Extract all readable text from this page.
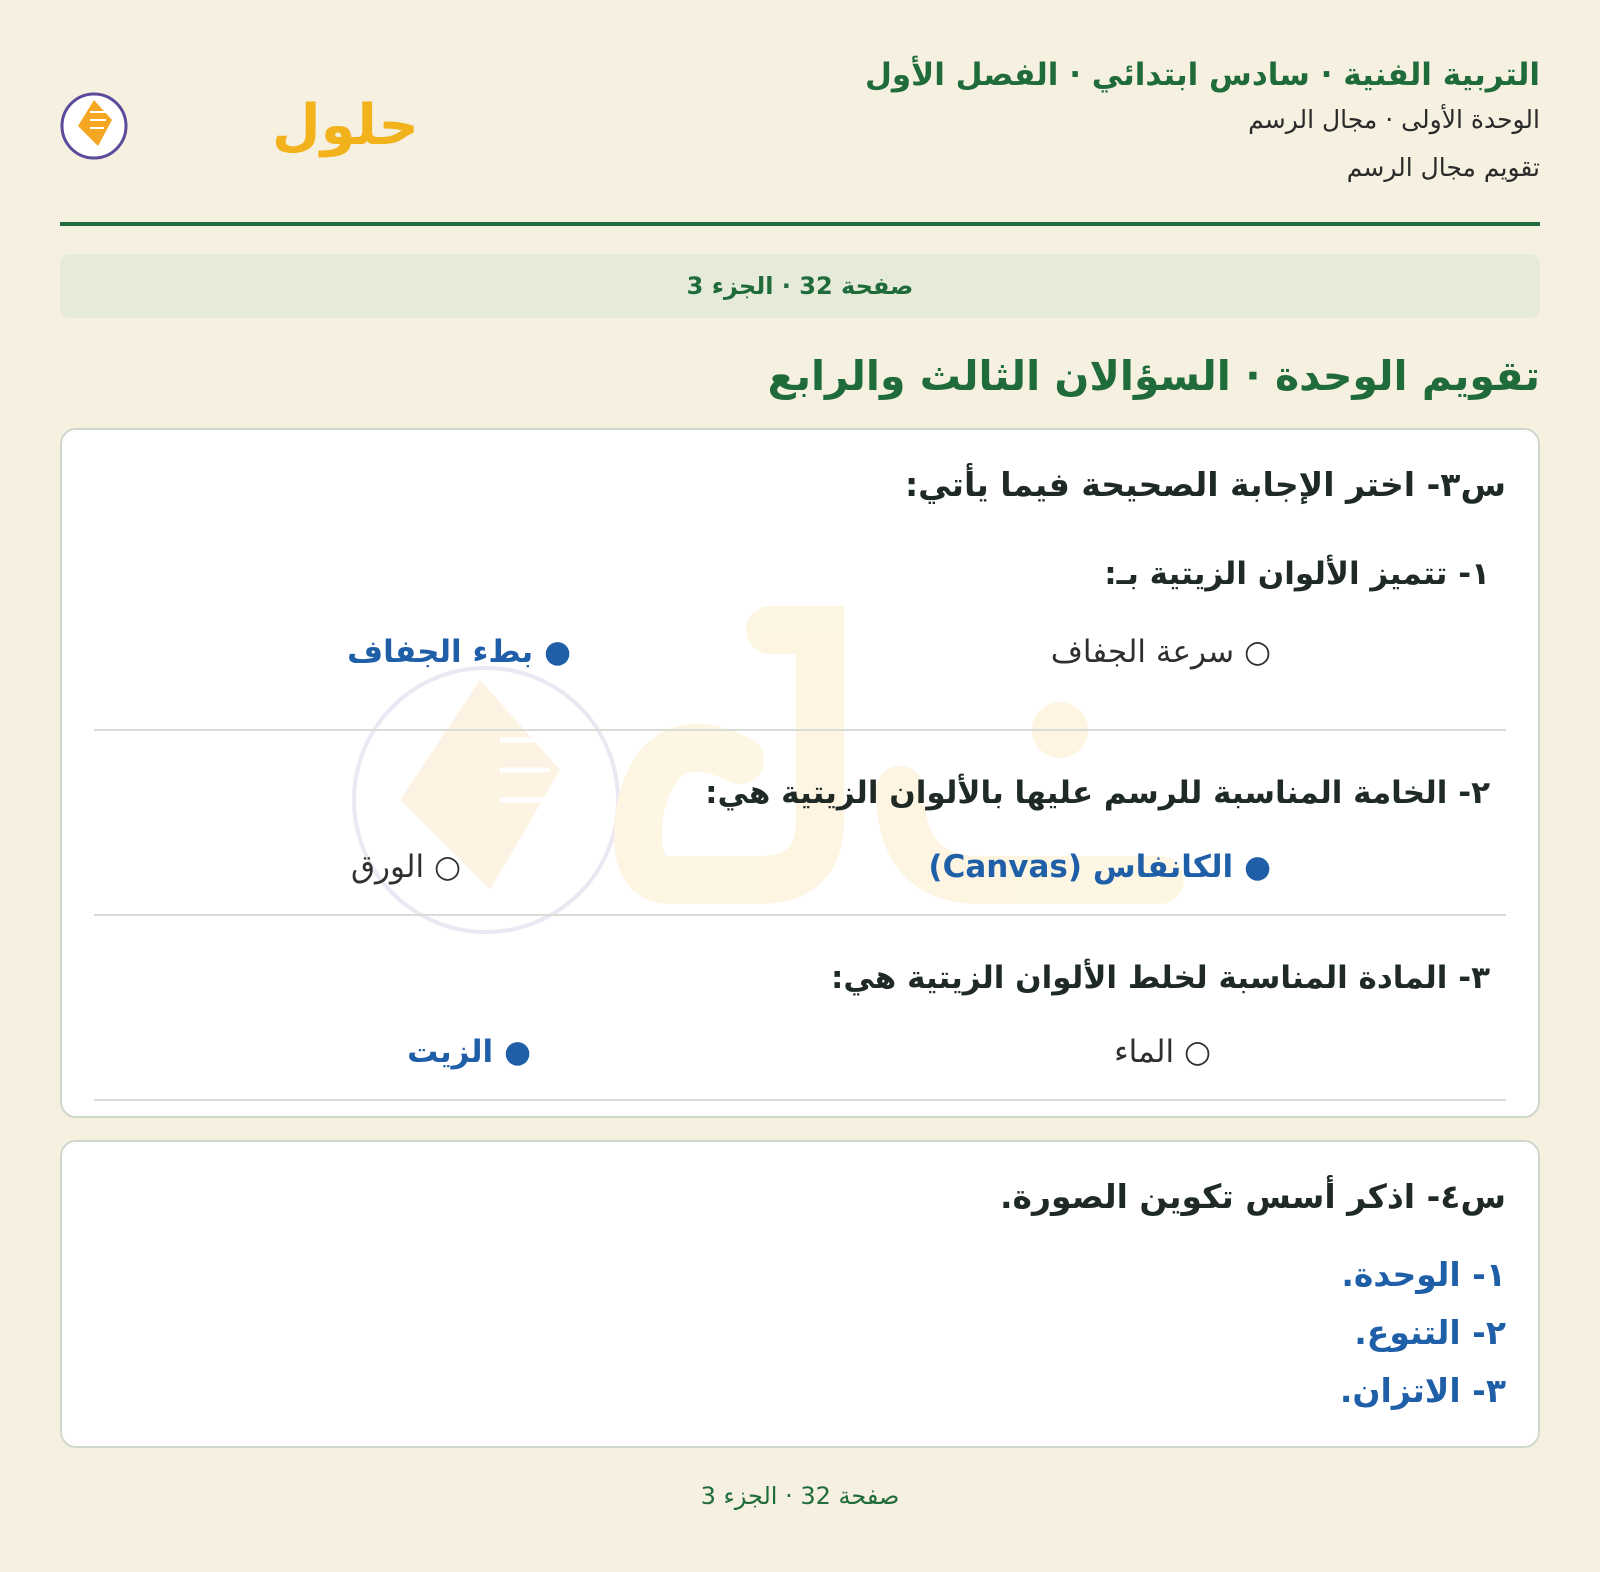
التربية الفنية · سادس ابتدائي · الفصل الأول
الوحدة الأولى · مجال الرسم
تقويم مجال الرسم
حلول
صفحة 32 · الجزء 3
تقويم الوحدة · السؤالان الثالث والرابع
س٣- اختر الإجابة الصحيحة فيما يأتي:
١- تتميز الألوان الزيتية بـ:
○ سرعة الجفاف
● بطء الجفاف
٢- الخامة المناسبة للرسم عليها بالألوان الزيتية هي:
● الكانفاس (Canvas)
○ الورق
٣- المادة المناسبة لخلط الألوان الزيتية هي:
○ الماء
● الزيت
س٤- اذكر أسس تكوين الصورة.
١- الوحدة.
٢- التنوع.
٣- الاتزان.
صفحة 32 · الجزء 3
